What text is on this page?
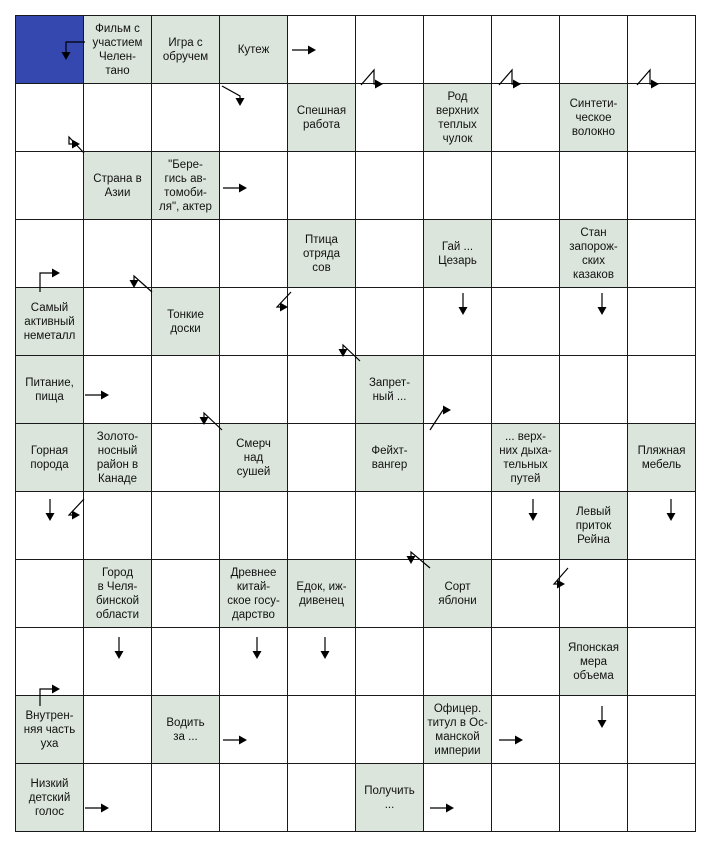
	Фильм с
участием
Челен-
тано	Игра с
обручем	Кутеж						

				Спешная
работа		Род
верхних
теплых
чулок		Синтети-
ческое
волокно	

	Страна в
Азии	"Бере-
гись ав-
томоби-
ля", актер							

				Птица
отряда
сов		Гай ...
Цезарь		Стан
запорож-
ских
казаков	

Самый
активный
неметалл		Тонкие
доски							

Питание,
пища					Запрет-
ный ...				

Горная
порода	Золото-
носный
район в
Канаде		Смерч
над
сушей		Фейхт-
вангер		... верх-
них дыха-
тельных
путей		Пляжная
мебель

								Левый
приток
Рейна	

	Город
в Челя-
бинской
области		Древнее
китай-
ское госу-
дарство	Едок, иж-
дивенец		Сорт
яблони			

								Японская
мера
объема	

Внутрен-
няя часть
уха		Водить
за ...				Офицер.
титул в Ос-
манской
империи			

Низкий
детский
голос					Получить
...				
